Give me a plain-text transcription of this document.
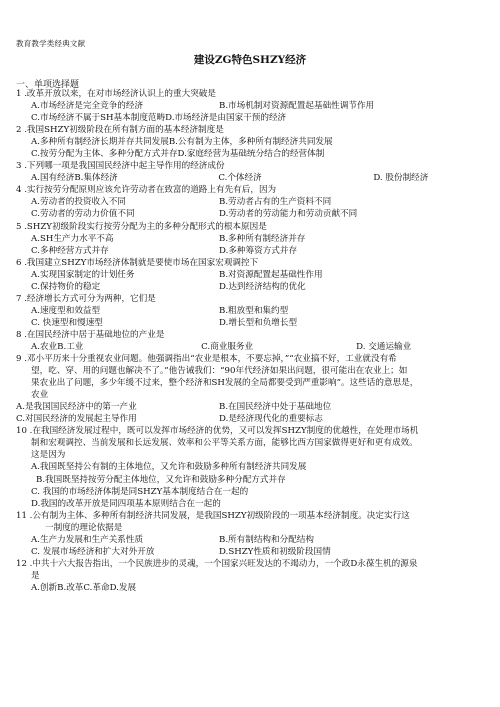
教育教学类经典文献
建设ZG特色SHZY经济
一、单项选择题
1 .改革开放以来，在对市场经济认识上的重大突破是
A.市场经济是完全竞争的经济	B.市场机制对资源配置起基础性调节作用
C.市场经济不属于SH基本制度范畴 D.市场经济是由国家干预的经济
2 .我国SHZY初级阶段在所有制方面的基本经济制度是
A.多种所有制经济长期并存共同发展 B.公有制为主体，多种所有制经济共同发展
C.按劳分配为主体、多种分配方式并存 D.家庭经营为基础统分结合的经营体制
3 .下列哪一项是我国国民经济中起主导作用的经济成份
A.国有经济 B.集体经济	C.个体经济	D. 股份制经济
4 .实行按劳分配原则应该允许劳动者在致富的道路上有先有后，因为
A.劳动者的投资收入不同	B.劳动者占有的生产资料不同
C.劳动者的劳动力价值不同	D.劳动者的劳动能力和劳动贡献不同
5 .SHZY初级阶段实行按劳分配为主的多种分配形式的根本原因是
A.SH生产力水平不高	B.多种所有制经济并存
C.多种经营方式并存	D.多种筹资方式并存
6 .我国建立SHZY市场经济体制就是要使市场在国家宏观调控下
A.实现国家制定的计划任务	B.对资源配置起基础性作用
C.保持物价的稳定	D.达到经济结构的优化
7 .经济增长方式可分为两种，它们是
A.速度型和效益型	B.粗放型和集约型
C. 快速型和慢速型	D.增长型和负增长型
8 .在国民经济中居于基础地位的产业是
A.农业 B.工业	C.商业服务业	D. 交通运输业
9 .邓小平历来十分重视农业问题。他强调指出“农业是根本，不要忘掉，”“农业搞不好，工业就没有希
望，吃、穿、用的问题也解决不了。”他告诫我们：“90年代经济如果出问题，很可能出在农业上；如
果农业出了问题，多少年缓不过来，整个经济和SH发展的全局都要受到严重影响”。这些话的意思是，
农业
A.是我国国民经济中的第一产业	B.在国民经济中处于基础地位
C.对国民经济的发展起主导作用	D.是经济现代化的重要标志
10 .在我国经济发展过程中，既可以发挥市场经济的优势，又可以发挥SHZY制度的优越性，在处理市场机
制和宏观调控、当前发展和长远发展、效率和公平等关系方面，能够比西方国家做得更好和更有成效。
这是因为
A.我国既坚持公有制的主体地位，又允许和鼓励多种所有制经济共同发展
B.我国既坚持按劳分配主体地位，又允许和鼓励多种分配方式并存
C. 我国的市场经济体制是同SHZY基本制度结合在一起的
D.我国的改革开放是同四项基本原则结合在一起的
11 .公有制为主体、多种所有制经济共同发展，是我国SHZY初级阶段的一项基本经济制度。决定实行这
一制度的理论依据是
A.生产力发展和生产关系性质	B.所有制结构和分配结构
C. 发展市场经济和扩大对外开放	D.SHZY性质和初级阶段国情
12 .中共十六大报告指出，一个民族进步的灵魂，一个国家兴旺发达的不竭动力，一个政D永葆生机的源泉
是
A.创新 B.改革 C.革命 D.发展
